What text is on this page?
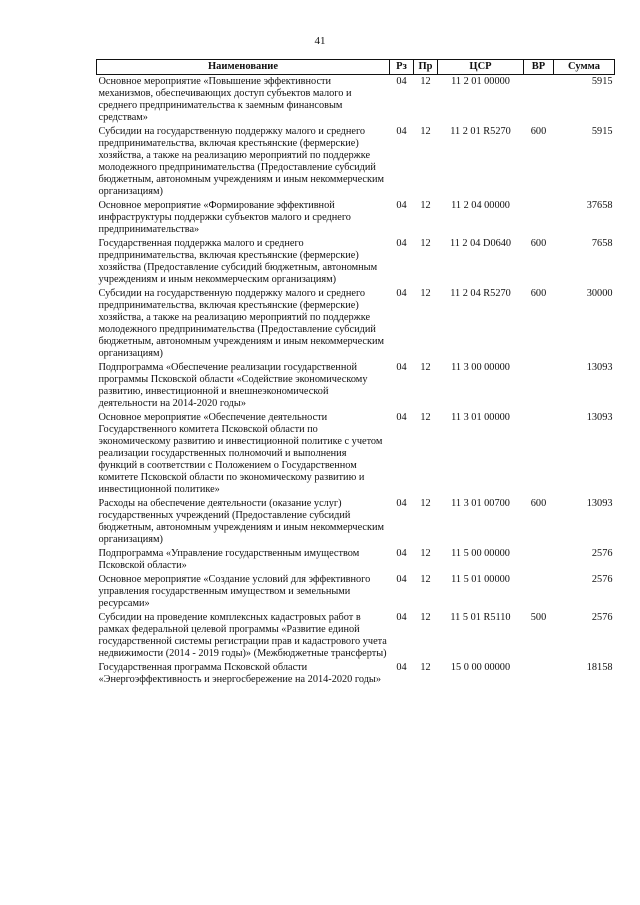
41
Наименование	Рз	Пр	ЦСР	ВР	Сумма
Основное мероприятие «Повышение эффективности механизмов, обеспечивающих доступ субъектов малого и среднего предпринимательства к заемным финансовым средствам»	04	12	11 2 01 00000		5915
Субсидии на государственную поддержку малого и среднего предпринимательства, включая крестьянские (фермерские) хозяйства, а также на реализацию мероприятий по поддержке молодежного предпринимательства (Предоставление субсидий бюджетным, автономным учреждениям и иным некоммерческим организациям)	04	12	11 2 01 R5270	600	5915
Основное мероприятие «Формирование эффективной инфраструктуры поддержки субъектов малого и среднего предпринимательства»	04	12	11 2 04 00000		37658
Государственная поддержка малого и среднего предпринимательства, включая крестьянские (фермерские) хозяйства (Предоставление субсидий бюджетным, автономным учреждениям и иным некоммерческим организациям)	04	12	11 2 04 D0640	600	7658
Субсидии на государственную поддержку малого и среднего предпринимательства, включая крестьянские (фермерские) хозяйства, а также на реализацию мероприятий по поддержке молодежного предпринимательства (Предоставление субсидий бюджетным, автономным учреждениям и иным некоммерческим организациям)	04	12	11 2 04 R5270	600	30000
Подпрограмма «Обеспечение реализации государственной программы Псковской области «Содействие экономическому развитию, инвестиционной и внешнеэкономической деятельности на 2014-2020 годы»	04	12	11 3 00 00000		13093
Основное мероприятие «Обеспечение деятельности Государственного комитета Псковской области по экономическому развитию и инвестиционной политике с учетом реализации государственных полномочий и выполнения функций в соответствии с Положением о Государственном комитете Псковской области по экономическому развитию и инвестиционной политике»	04	12	11 3 01 00000		13093
Расходы на обеспечение деятельности (оказание услуг) государственных учреждений (Предоставление субсидий бюджетным, автономным учреждениям и иным некоммерческим организациям)	04	12	11 3 01 00700	600	13093
Подпрограмма «Управление государственным имуществом Псковской области»	04	12	11 5 00 00000		2576
Основное мероприятие «Создание условий для эффективного управления государственным имуществом и земельными ресурсами»	04	12	11 5 01 00000		2576
Субсидии на проведение комплексных кадастровых работ в рамках федеральной целевой программы «Развитие единой государственной системы регистрации прав и кадастрового учета недвижимости (2014 - 2019 годы)» (Межбюджетные трансферты)	04	12	11 5 01 R5110	500	2576
Государственная программа Псковской области «Энергоэффективность и энергосбережение на 2014-2020 годы»	04	12	15 0 00 00000		18158
